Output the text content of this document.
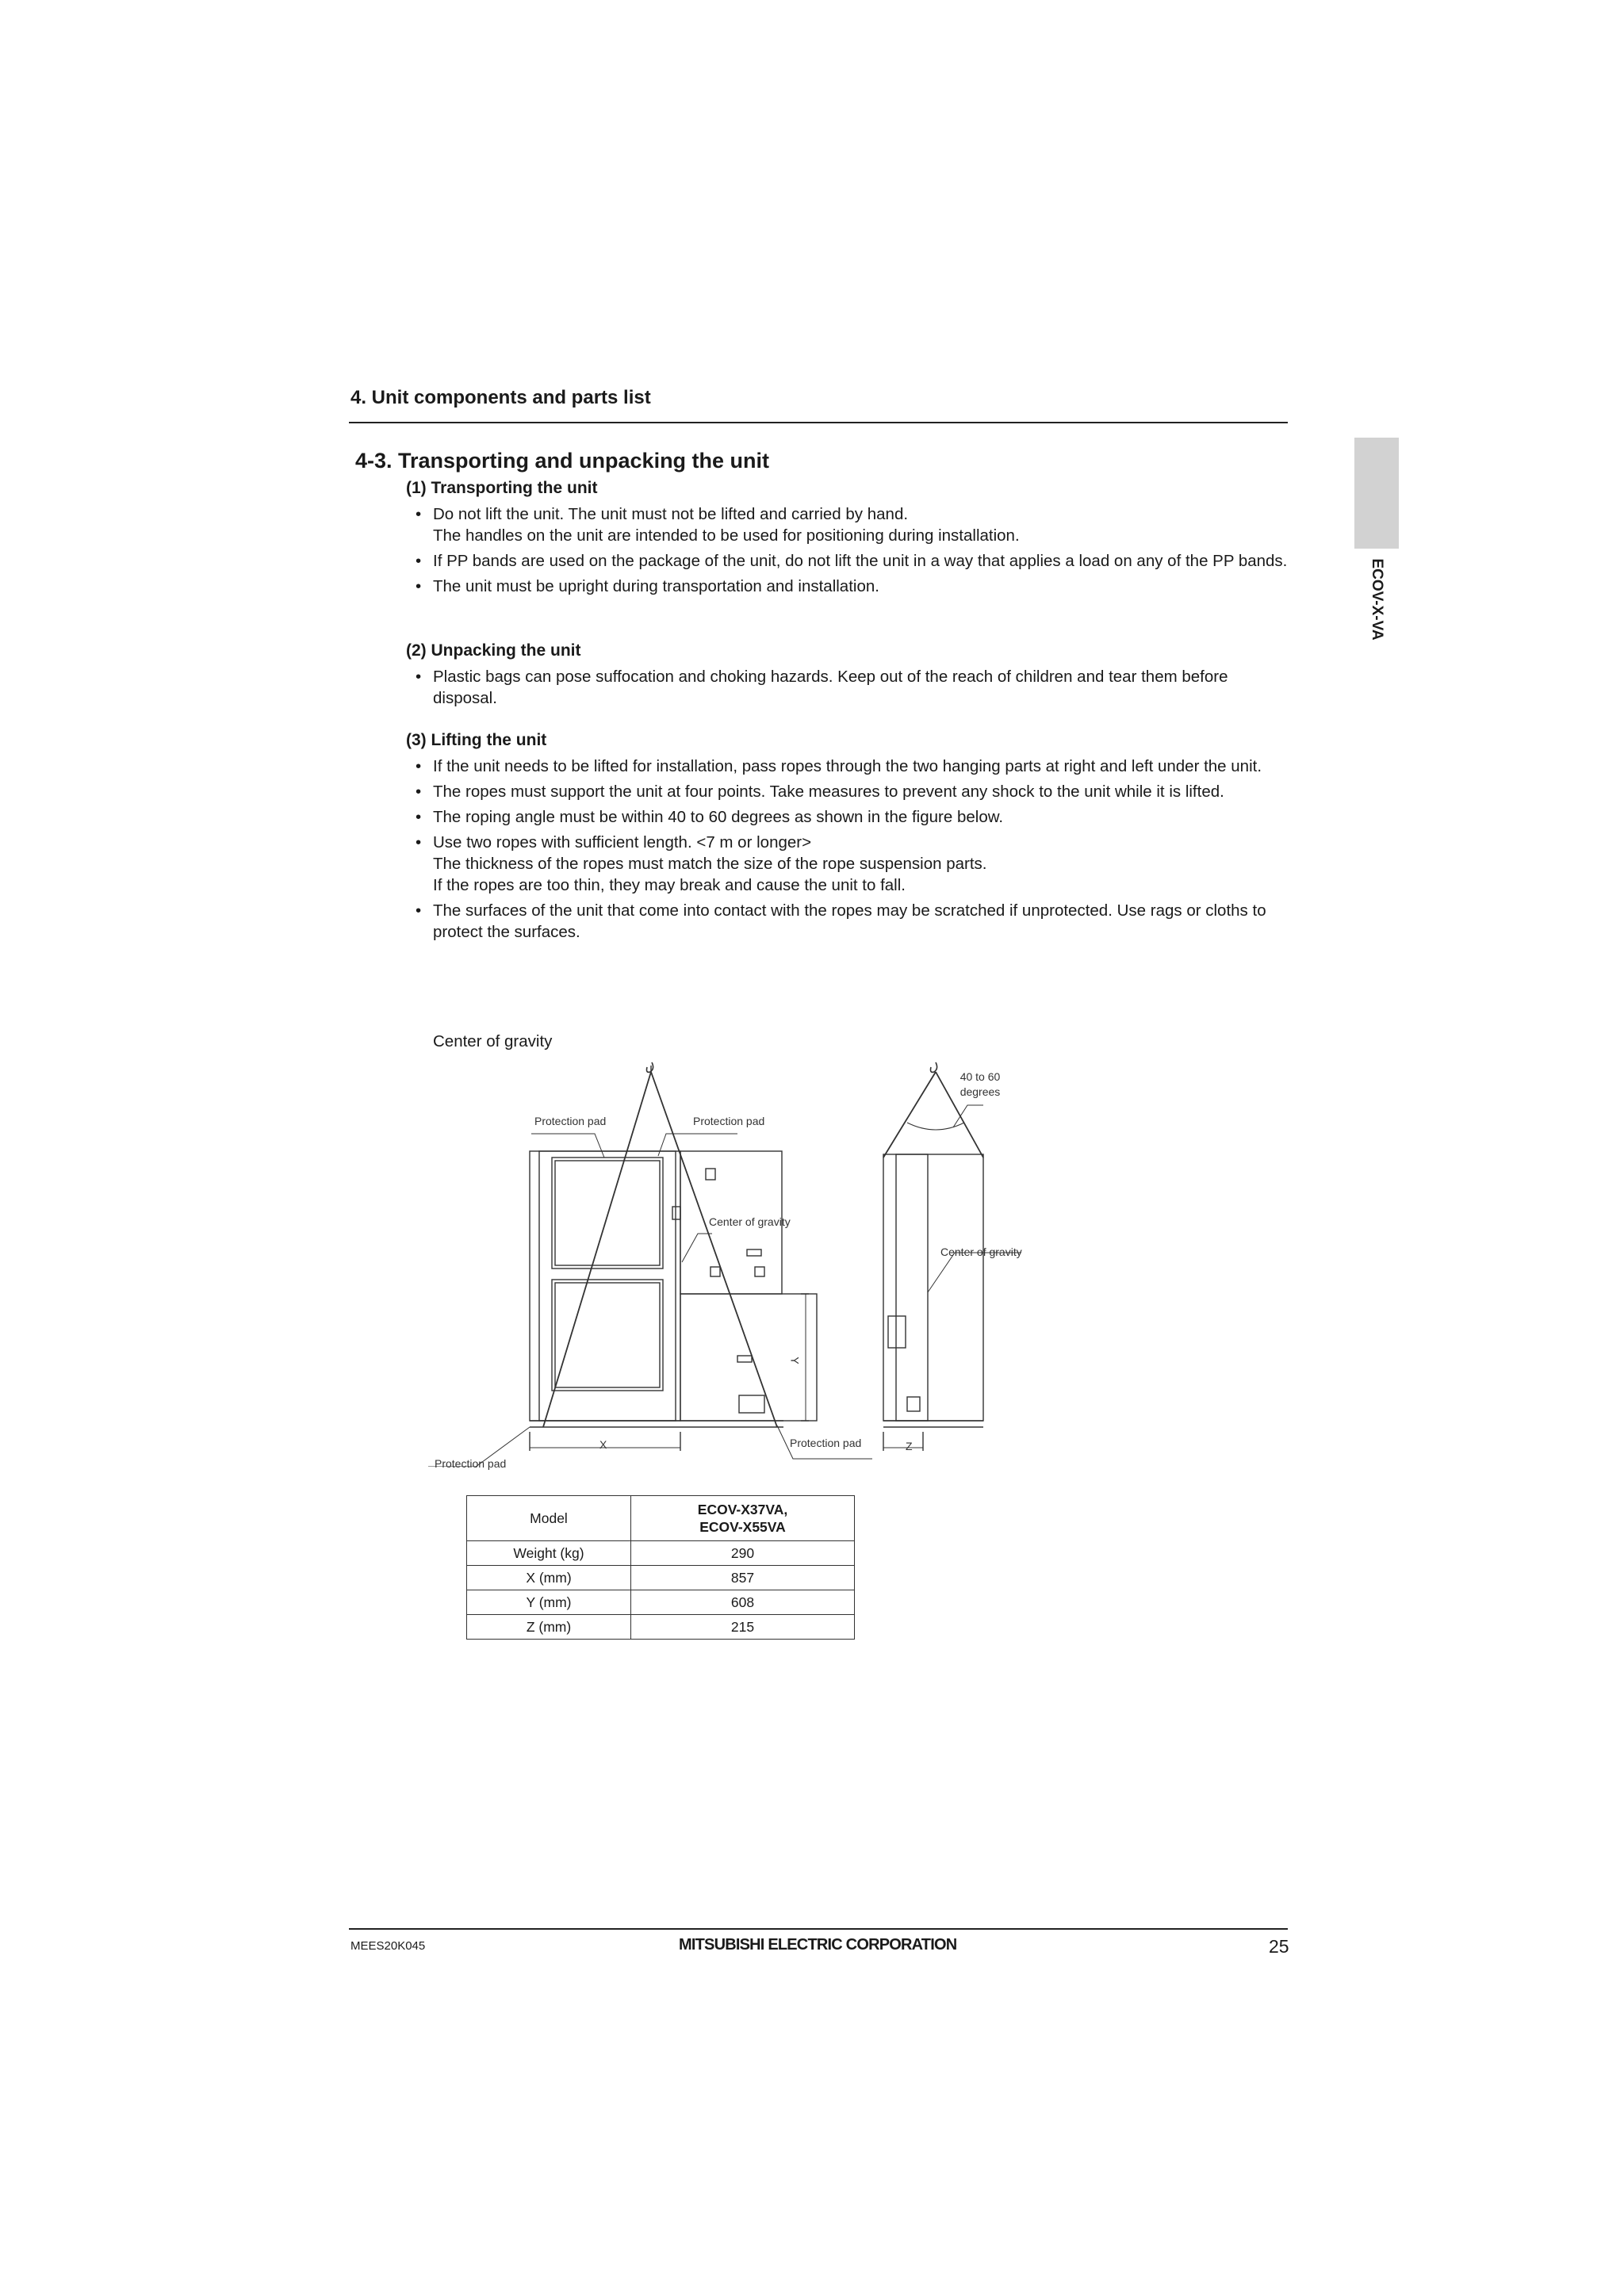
4. Unit components and parts list
ECOV-X-VA
4-3. Transporting and unpacking the unit
(1) Transporting the unit
• Do not lift the unit. The unit must not be lifted and carried by hand.
The handles on the unit are intended to be used for positioning during installation.
• If PP bands are used on the package of the unit, do not lift the unit in a way that applies a load on any of the PP bands.
• The unit must be upright during transportation and installation.
(2) Unpacking the unit
• Plastic bags can pose suffocation and choking hazards. Keep out of the reach of children and tear them before disposal.
(3) Lifting the unit
• If the unit needs to be lifted for installation, pass ropes through the two hanging parts at right and left under the unit.
• The ropes must support the unit at four points. Take measures to prevent any shock to the unit while it is lifted.
• The roping angle must be within 40 to 60 degrees as shown in the figure below.
• Use two ropes with sufficient length. <7 m or longer>
The thickness of the ropes must match the size of the rope suspension parts.
If the ropes are too thin, they may break and cause the unit to fall.
• The surfaces of the unit that come into contact with the ropes may be scratched if unprotected. Use rags or cloths to protect the surfaces.
Center of gravity
Protection pad	Protection pad
Center of gravity
Protection pad
Protection pad
X
Y
Z
40 to 60
degrees
Center of gravity
Model	ECOV-X37VA,
ECOV-X55VA

Weight (kg)	290
X (mm)	857
Y (mm)	608
Z (mm)	215
MEES20K045	MITSUBISHI ELECTRIC CORPORATION	25
